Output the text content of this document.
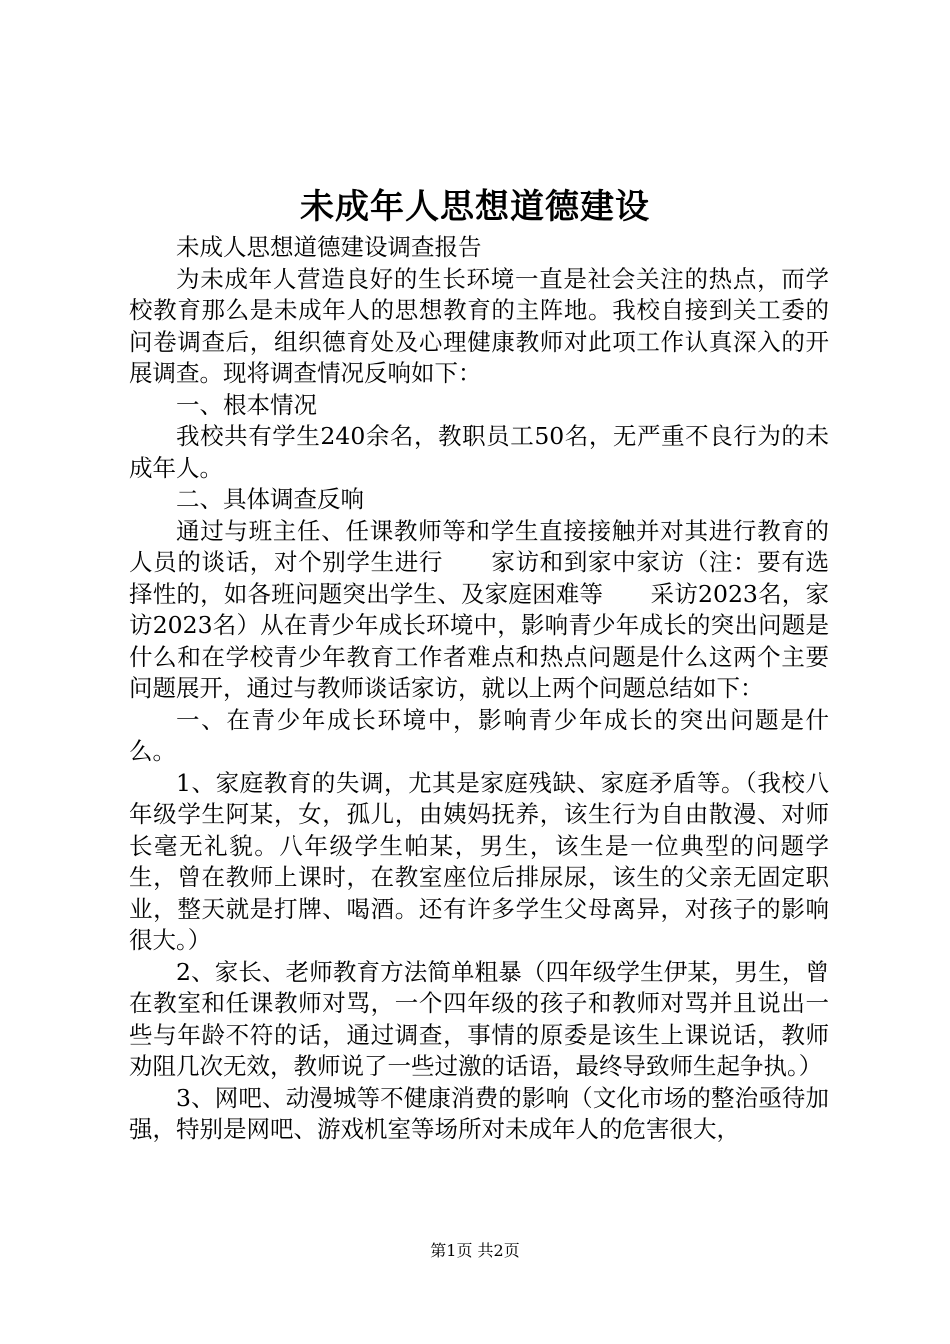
未成年人思想道德建设

未成人思想道德建设调查报告

为未成年人营造良好的生长环境一直是社会关注的热点，而学校教育那么是未成年人的思想教育的主阵地。我校自接到关工委的问卷调查后，组织德育处及心理健康教师对此项工作认真深入的开展调查。现将调查情况反响如下：

一、根本情况

我校共有学生240余名，教职员工50名，无严重不良行为的未成年人。

二、具体调查反响

通过与班主任、任课教师等和学生直接接触并对其进行教育的人员的谈话，对个别学生进行　　家访和到家中家访（注：要有选择性的，如各班问题突出学生、及家庭困难等　　采访2023名，家访2023名）从在青少年成长环境中，影响青少年成长的突出问题是什么和在学校青少年教育工作者难点和热点问题是什么这两个主要问题展开，通过与教师谈话家访，就以上两个问题总结如下：

一、在青少年成长环境中，影响青少年成长的突出问题是什么。

1、家庭教育的失调，尤其是家庭残缺、家庭矛盾等。（我校八年级学生阿某，女，孤儿，由姨妈抚养，该生行为自由散漫、对师长毫无礼貌。八年级学生帕某，男生，该生是一位典型的问题学生，曾在教师上课时，在教室座位后排尿尿，该生的父亲无固定职业，整天就是打牌、喝酒。还有许多学生父母离异，对孩子的影响很大。）

2、家长、老师教育方法简单粗暴（四年级学生伊某，男生，曾在教室和任课教师对骂，一个四年级的孩子和教师对骂并且说出一些与年龄不符的话，通过调查，事情的原委是该生上课说话，教师劝阻几次无效，教师说了一些过激的话语，最终导致师生起争执。）

3、网吧、动漫城等不健康消费的影响（文化市场的整治亟待加强，特别是网吧、游戏机室等场所对未成年人的危害很大，

第1页 共2页
